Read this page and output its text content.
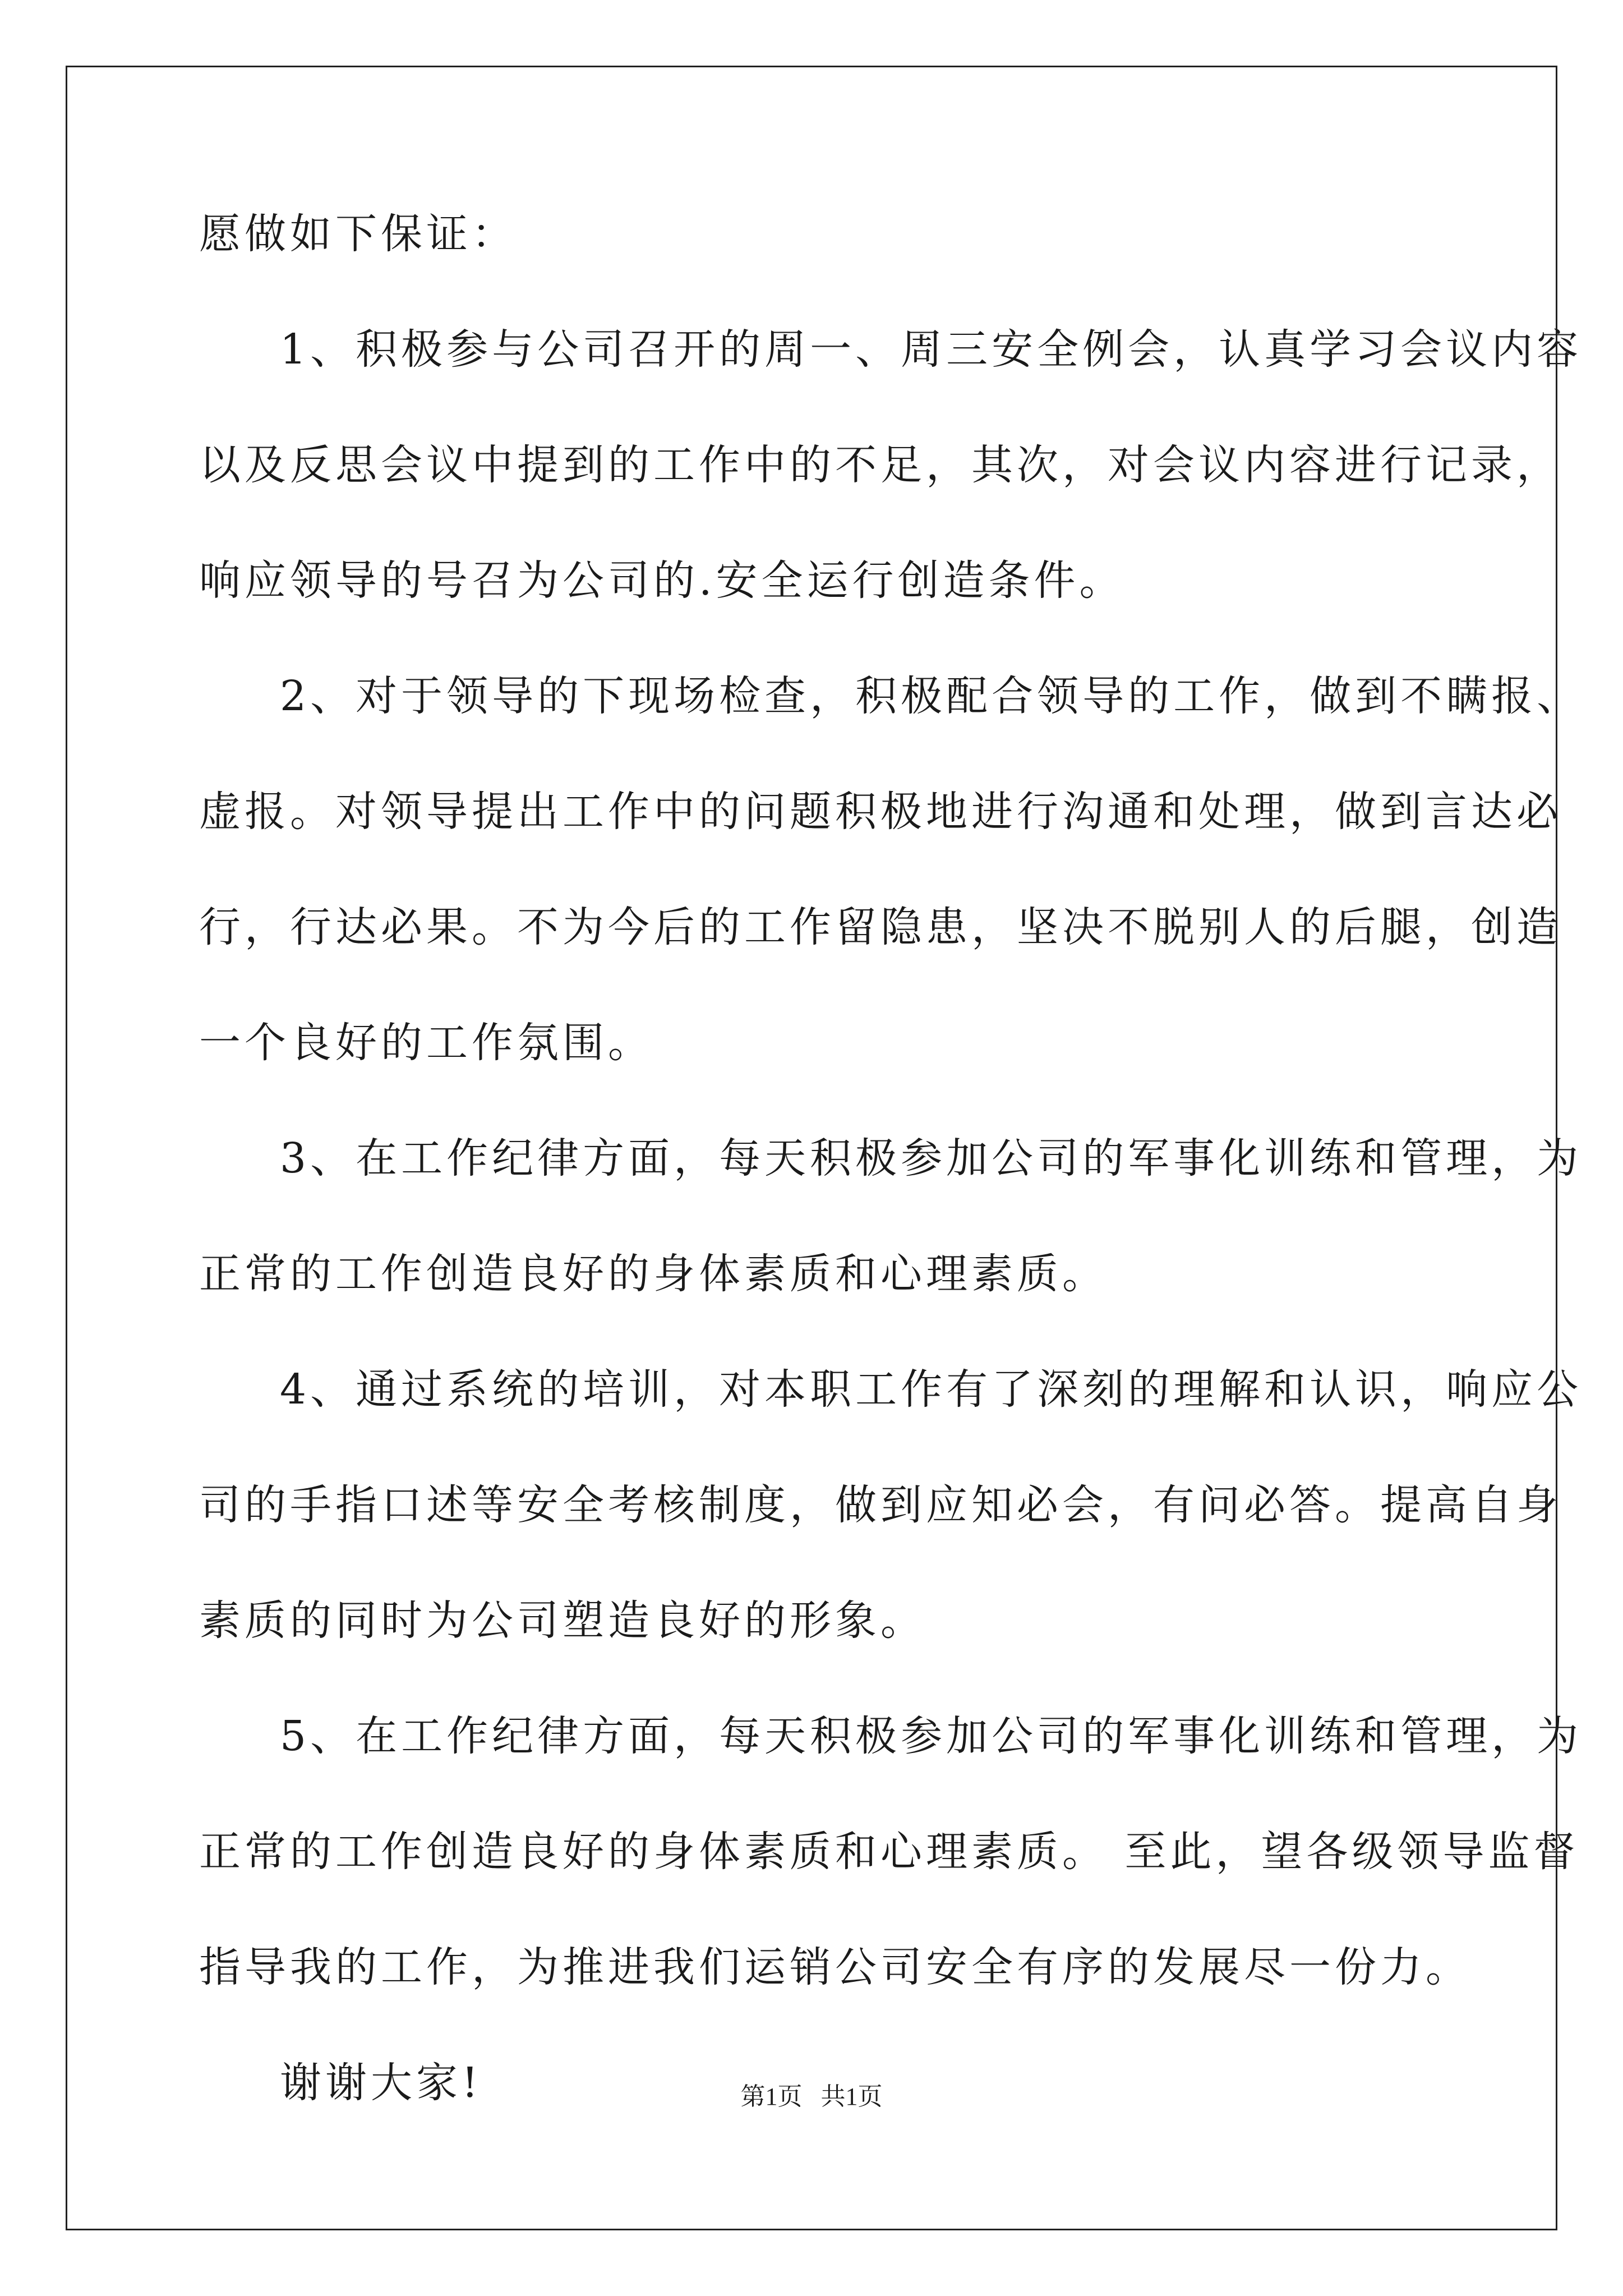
愿做如下保证：
1、积极参与公司召开的周一、周三安全例会，认真学习会议内容
以及反思会议中提到的工作中的不足，其次，对会议内容进行记录，
响应领导的号召为公司的.安全运行创造条件。
2、对于领导的下现场检查，积极配合领导的工作，做到不瞒报、
虚报。对领导提出工作中的问题积极地进行沟通和处理，做到言达必
行，行达必果。不为今后的工作留隐患，坚决不脱别人的后腿，创造
一个良好的工作氛围。
3、在工作纪律方面，每天积极参加公司的军事化训练和管理，为
正常的工作创造良好的身体素质和心理素质。
4、通过系统的培训，对本职工作有了深刻的理解和认识，响应公
司的手指口述等安全考核制度，做到应知必会，有问必答。提高自身
素质的同时为公司塑造良好的形象。
5、在工作纪律方面，每天积极参加公司的军事化训练和管理，为
正常的工作创造良好的身体素质和心理素质。 至此，望各级领导监督
指导我的工作，为推进我们运销公司安全有序的发展尽一份力。
谢谢大家!	第1页   共1页
